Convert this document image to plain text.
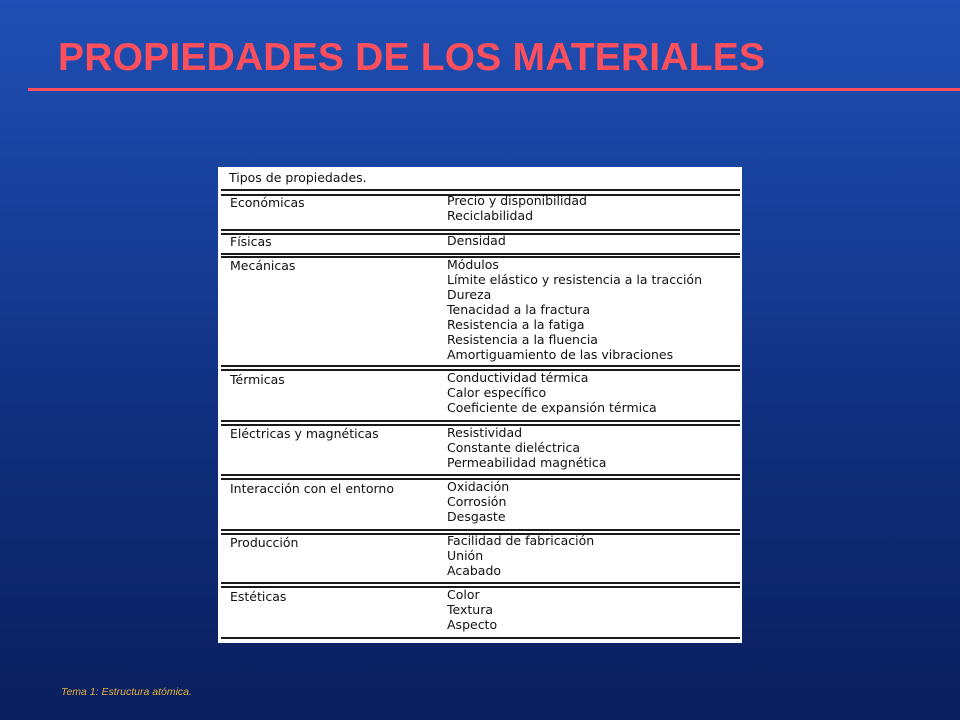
PROPIEDADES DE LOS MATERIALES
Tipos de propiedades.
Económicas	Precio y disponibilidad
Reciclabilidad
Físicas	Densidad
Mecánicas	Módulos
Límite elástico y resistencia a la tracción
Dureza
Tenacidad a la fractura
Resistencia a la fatiga
Resistencia a la fluencia
Amortiguamiento de las vibraciones
Térmicas	Conductividad térmica
Calor específico
Coeficiente de expansión térmica
Eléctricas y magnéticas	Resistividad
Constante dieléctrica
Permeabilidad magnética
Interacción con el entorno	Oxidación
Corrosión
Desgaste
Producción	Facilidad de fabricación
Unión
Acabado
Estéticas	Color
Textura
Aspecto
Tema 1: Estructura atómica.
